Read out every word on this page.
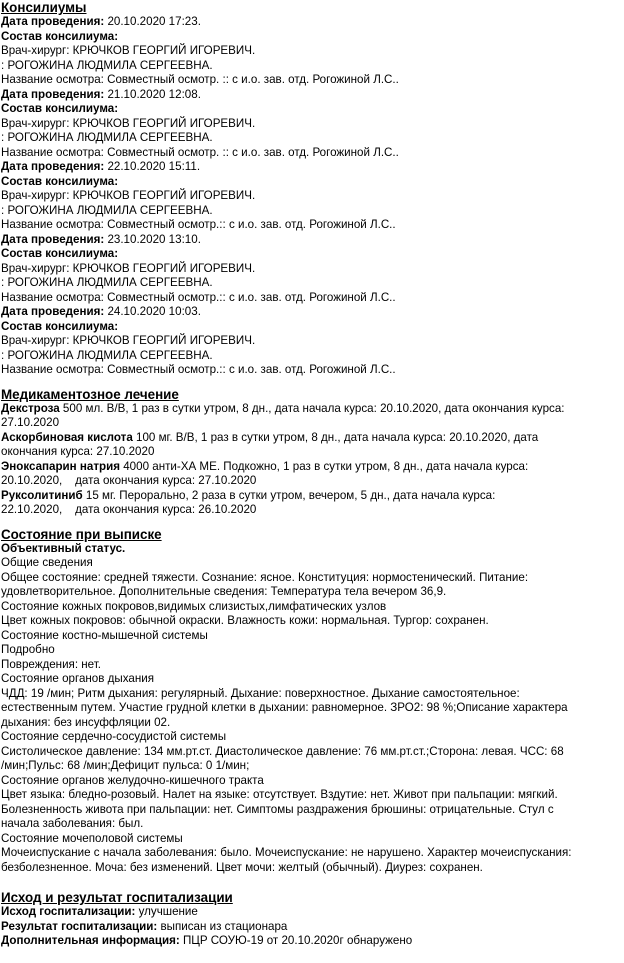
Консилиумы
Дата проведения: 20.10.2020 17:23.
Состав консилиума:
Врач-хирург: КРЮЧКОВ ГЕОРГИЙ ИГОРЕВИЧ.
: РОГОЖИНА ЛЮДМИЛА СЕРГЕЕВНА.
Название осмотра: Совместный осмотр. :: с и.о. зав. отд. Рогожиной Л.С..
Дата проведения: 21.10.2020 12:08.
Состав консилиума:
Врач-хирург: КРЮЧКОВ ГЕОРГИЙ ИГОРЕВИЧ.
: РОГОЖИНА ЛЮДМИЛА СЕРГЕЕВНА.
Название осмотра: Совместный осмотр. :: с и.о. зав. отд. Рогожиной Л.С..
Дата проведения: 22.10.2020 15:11.
Состав консилиума:
Врач-хирург: КРЮЧКОВ ГЕОРГИЙ ИГОРЕВИЧ.
: РОГОЖИНА ЛЮДМИЛА СЕРГЕЕВНА.
Название осмотра: Совместный осмотр.:: с и.о. зав. отд. Рогожиной Л.С..
Дата проведения: 23.10.2020 13:10.
Состав консилиума:
Врач-хирург: КРЮЧКОВ ГЕОРГИЙ ИГОРЕВИЧ.
: РОГОЖИНА ЛЮДМИЛА СЕРГЕЕВНА.
Название осмотра: Совместный осмотр.:: с и.о. зав. отд. Рогожиной Л.С..
Дата проведения: 24.10.2020 10:03.
Состав консилиума:
Врач-хирург: КРЮЧКОВ ГЕОРГИЙ ИГОРЕВИЧ.
: РОГОЖИНА ЛЮДМИЛА СЕРГЕЕВНА.
Название осмотра: Совместный осмотр.:: с и.о. зав. отд. Рогожиной Л.С..
Медикаментозное лечение
Декстроза 500 мл. В/В, 1 раз в сутки утром, 8 дн., дата начала курса: 20.10.2020, дата окончания курса:
27.10.2020
Аскорбиновая кислота 100 мг. В/В, 1 раз в сутки утром, 8 дн., дата начала курса: 20.10.2020, дата
окончания курса: 27.10.2020
Эноксапарин натрия 4000 анти-ХА МЕ. Подкожно, 1 раз в сутки утром, 8 дн., дата начала курса:
20.10.2020,    дата окончания курса: 27.10.2020
Руксолитиниб 15 мг. Перорально, 2 раза в сутки утром, вечером, 5 дн., дата начала курса:
22.10.2020,    дата окончания курса: 26.10.2020
Состояние при выписке
Объективный статус.
Общие сведения
Общее состояние: средней тяжести. Сознание: ясное. Конституция: нормостенический. Питание:
удовлетворительное. Дополнительные сведения: Температура тела вечером 36,9.
Состояние кожных покровов,видимых слизистых,лимфатических узлов
Цвет кожных покровов: обычной окраски. Влажность кожи: нормальная. Тургор: сохранен.
Состояние костно-мышечной системы
Подробно
Повреждения: нет.
Состояние органов дыхания
ЧДД: 19 /мин; Ритм дыхания: регулярный. Дыхание: поверхностное. Дыхание самостоятельное:
естественным путем. Участие грудной клетки в дыхании: равномерное. ЗРО2: 98 %;Описание характера
дыхания: без инсуффляции 02.
Состояние сердечно-сосудистой системы
Систолическое давление: 134 мм.рт.ст. Диастолическое давление: 76 мм.рт.ст.;Сторона: левая. ЧСС: 68
/мин;Пульс: 68 /мин;Дефицит пульса: 0 1/мин;
Состояние органов желудочно-кишечного тракта
Цвет языка: бледно-розовый. Налет на языке: отсутствует. Вздутие: нет. Живот при пальпации: мягкий.
Болезненность живота при пальпации: нет. Симптомы раздражения брюшины: отрицательные. Стул с
начала заболевания: был.
Состояние мочеполовой системы
Мочеиспускание с начала заболевания: было. Мочеиспускание: не нарушено. Характер мочеиспускания:
безболезненное. Моча: без изменений. Цвет мочи: желтый (обычный). Диурез: сохранен.
Исход и результат госпитализации
Исход госпитализации: улучшение
Результат госпитализации: выписан из стационара
Дополнительная информация: ПЦР СОУЮ-19 от 20.10.2020г обнаружено
